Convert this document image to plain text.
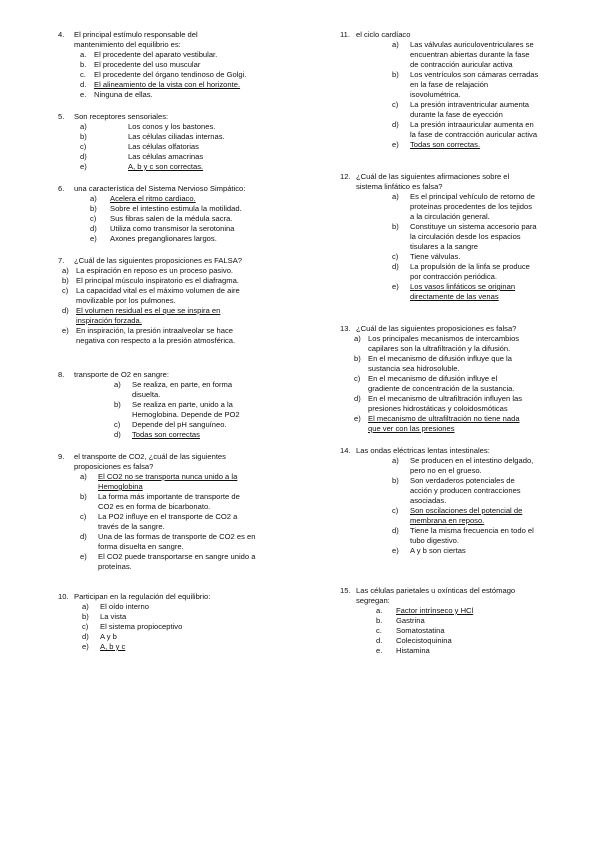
4. El principal estímulo responsable del
mantenimiento del equilibrio es:
a.	El procedente del aparato vestibular.
b.	El procedente del uso muscular
c.	El procedente del órgano tendinoso de Golgi.
d.	El alineamiento de la vista con el horizonte.
e.	Ninguna de ellas.
5. Son receptores sensoriales:
a)	Los conos y los bastones.
b)	Las células ciliadas internas.
c)	Las células olfatorias
d)	Las células amacrinas
e)	A, b y c son correctas.
6. una característica del Sistema Nervioso Simpático:
a)	Acelera el ritmo cardiaco.
b)	Sobre el intestino estimula la motilidad.
c)	Sus fibras salen de la médula sacra.
d)	Utiliza como transmisor la serotonina
e)	Axones preganglionares largos.
7. ¿Cuál de las siguientes proposiciones es FALSA?
a) La espiración en reposo es un proceso pasivo.
b) El principal músculo inspiratorio es el diafragma.
c)	La capacidad vital es el máximo volumen de aire
movilizable por los pulmones.
d) El volumen residual es el que se inspira en
inspiración forzada.
e) En inspiración, la presión intraalveolar se hace
negativa con respecto a la presión atmosférica.
8. transporte de O2 en sangre:
a)	Se realiza, en parte, en forma
disuelta.
b)	Se realiza en parte, unido a la
Hemoglobina. Depende de PO2
c)	Depende del pH sanguíneo.
d)	Todas son correctas
9. el transporte de CO2, ¿cuál de las siguientes
proposiciones es falsa?
a)	El CO2 no se transporta nunca unido a la
Hemoglobina
b)	La forma más importante de transporte de
CO2 es en forma de bicarbonato.
c)	La PO2 influye en el transporte de CO2 a
través de la sangre.
d)	Una de las formas de transporte de CO2 es en
forma disuelta en sangre.
e)	El CO2 puede transportarse en sangre unido a
proteínas.
10. Participan en la regulación del equilibrio:
a)	El oído interno
b)	La vista
c)	El sistema propioceptivo
d)	A y b
e)	A, b y c
11. el ciclo cardíaco
a)	Las válvulas auriculoventriculares se
encuentran abiertas durante la fase
de contracción auricular activa
b)	Los ventrículos son cámaras cerradas
en la fase de relajación
isovolumétrica.
c)	La presión intraventricular aumenta
durante la fase de eyección
d)	La presión intraauricular aumenta en
la fase de contracción auricular activa
e)	Todas son correctas.
12. ¿Cuál de las siguientes afirmaciones sobre el
sistema linfático es falsa?
a)	Es el principal vehículo de retorno de
proteínas procedentes de los tejidos
a la circulación general.
b)	Constituye un sistema accesorio para
la circulación desde los espacios
tisulares a la sangre
c)	Tiene válvulas.
d)	La propulsión de la linfa se produce
por contracción periódica.
e)	Los vasos linfáticos se originan
directamente de las venas
13. ¿Cuál de las siguientes proposiciones es falsa?
a) Los principales mecanismos de intercambios
capilares son la ultrafiltración y la difusión.
b) En el mecanismo de difusión influye que la
sustancia sea hidrosoluble.
c)	En el mecanismo de difusión influye el
gradiente de concentración de la sustancia.
d) En el mecanismo de ultrafiltración influyen las
presiones hidrostáticas y coloidosmóticas
e) El mecanismo de ultrafiltración no tiene nada
que ver con las presiones
14. Las ondas eléctricas lentas intestinales:
a)	Se producen en el intestino delgado,
pero no en el grueso.
b)	Son verdaderos potenciales de
acción y producen contracciones
asociadas.
c)	Son oscilaciones del potencial de
membrana en reposo.
d)	Tiene la misma frecuencia en todo el
tubo digestivo.
e)	A y b son ciertas
15. Las células parietales u oxínticas del estómago
segregan:
a.	Factor intrínseco y HCl
b.	Gastrina
c.	Somatostatina
d.	Colecistoquinina
e.	Histamina
